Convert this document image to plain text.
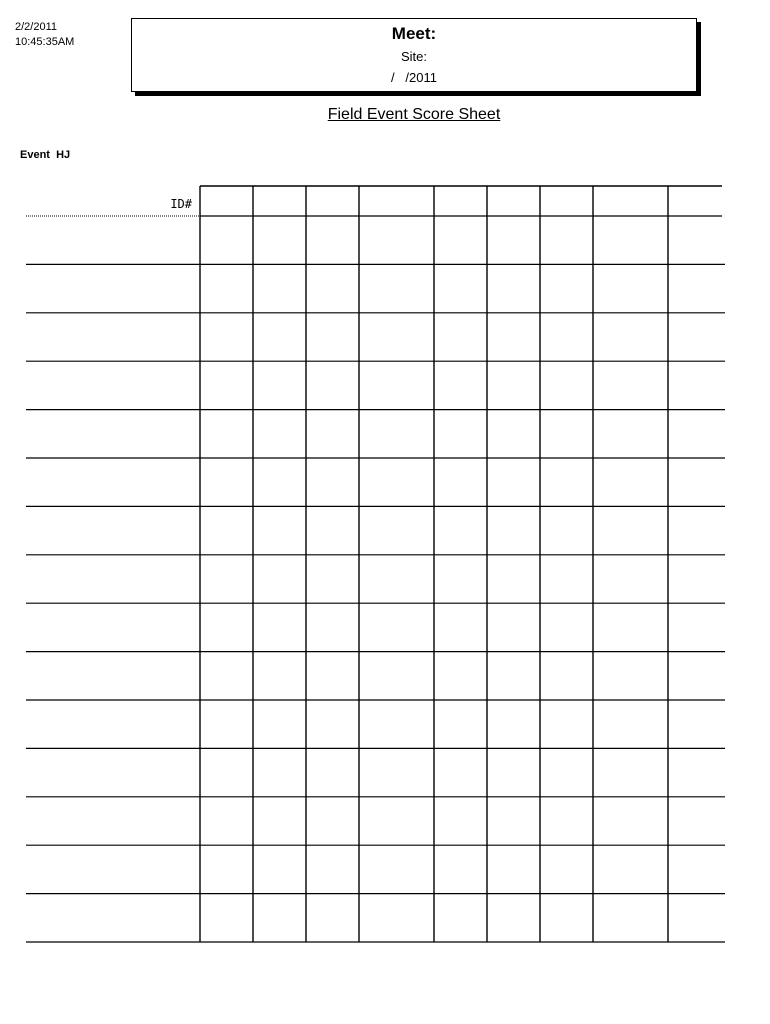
2/2/2011
10:45:35AM	Meet:
Site:
/   /2011
Field Event Score Sheet
Event  HJ
ID#
